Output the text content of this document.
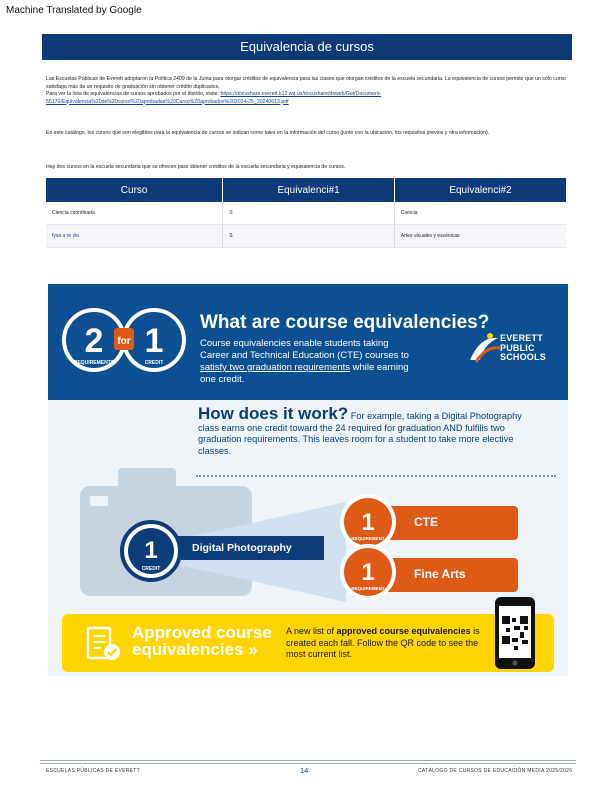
Machine Translated by Google
Equivalencia de cursos
Las Escuelas Públicas de Everett adoptaron la Política 2409 de la Junta para otorgar créditos de equivalencia para las clases que otorgan créditos de la escuela secundaria. La equivalencia de cursos permite que un solo curso satisfaga más de un requisito de graduación sin obtener crédito duplicados.
Para ver la lista de equivalencias de cursos aprobados por el distrito, visite: https://docushare.everett.k12.wa.us/docushare/dsweb/Get/Document-55170/Equivalencia%20de%20curso%20aprobadas%20Curso%20aprobados%202024-25_20240613.pdf
En este catálogo, los cursos que son elegibles para la equivalencia de cursos se indican como tales en la información del curso (junto con la ubicación, los requisitos previos y otra información).
Hay dos cursos en la escuela secundaria que se ofrecen para obtener créditos de la escuela secundaria y equivalencia de cursos.
Curso	Equivalenci#1	Equivalenci#2
Ciencia coordinada	S	Ciencia
fysa a re yla	S	Artes visuales y escénicas
2 for 1
REQUIREMENTS	CREDIT
What are course equivalencies?
Course equivalencies enable students taking Career and Technical Education (CTE) courses to satisfy two graduation requirements while earning one credit.
EVERETT
PUBLIC
SCHOOLS
How does it work? For example, taking a Digital Photography class earns one credit toward the 24 required for graduation AND fulfills two graduation requirements. This leaves room for a student to take more elective classes.
1
CREDIT
Digital Photography
CTE
1
REQUIREMENT
Fine Arts
1
REQUIREMENT
Approved course
equivalencies »
A new list of approved course equivalencies is created each fall. Follow the QR code to see the most current list.
ESCUELAS PÚBLICAS DE EVERETT	14	CATÁLOGO DE CURSOS DE EDUCACIÓN MEDIA 2025/2026
